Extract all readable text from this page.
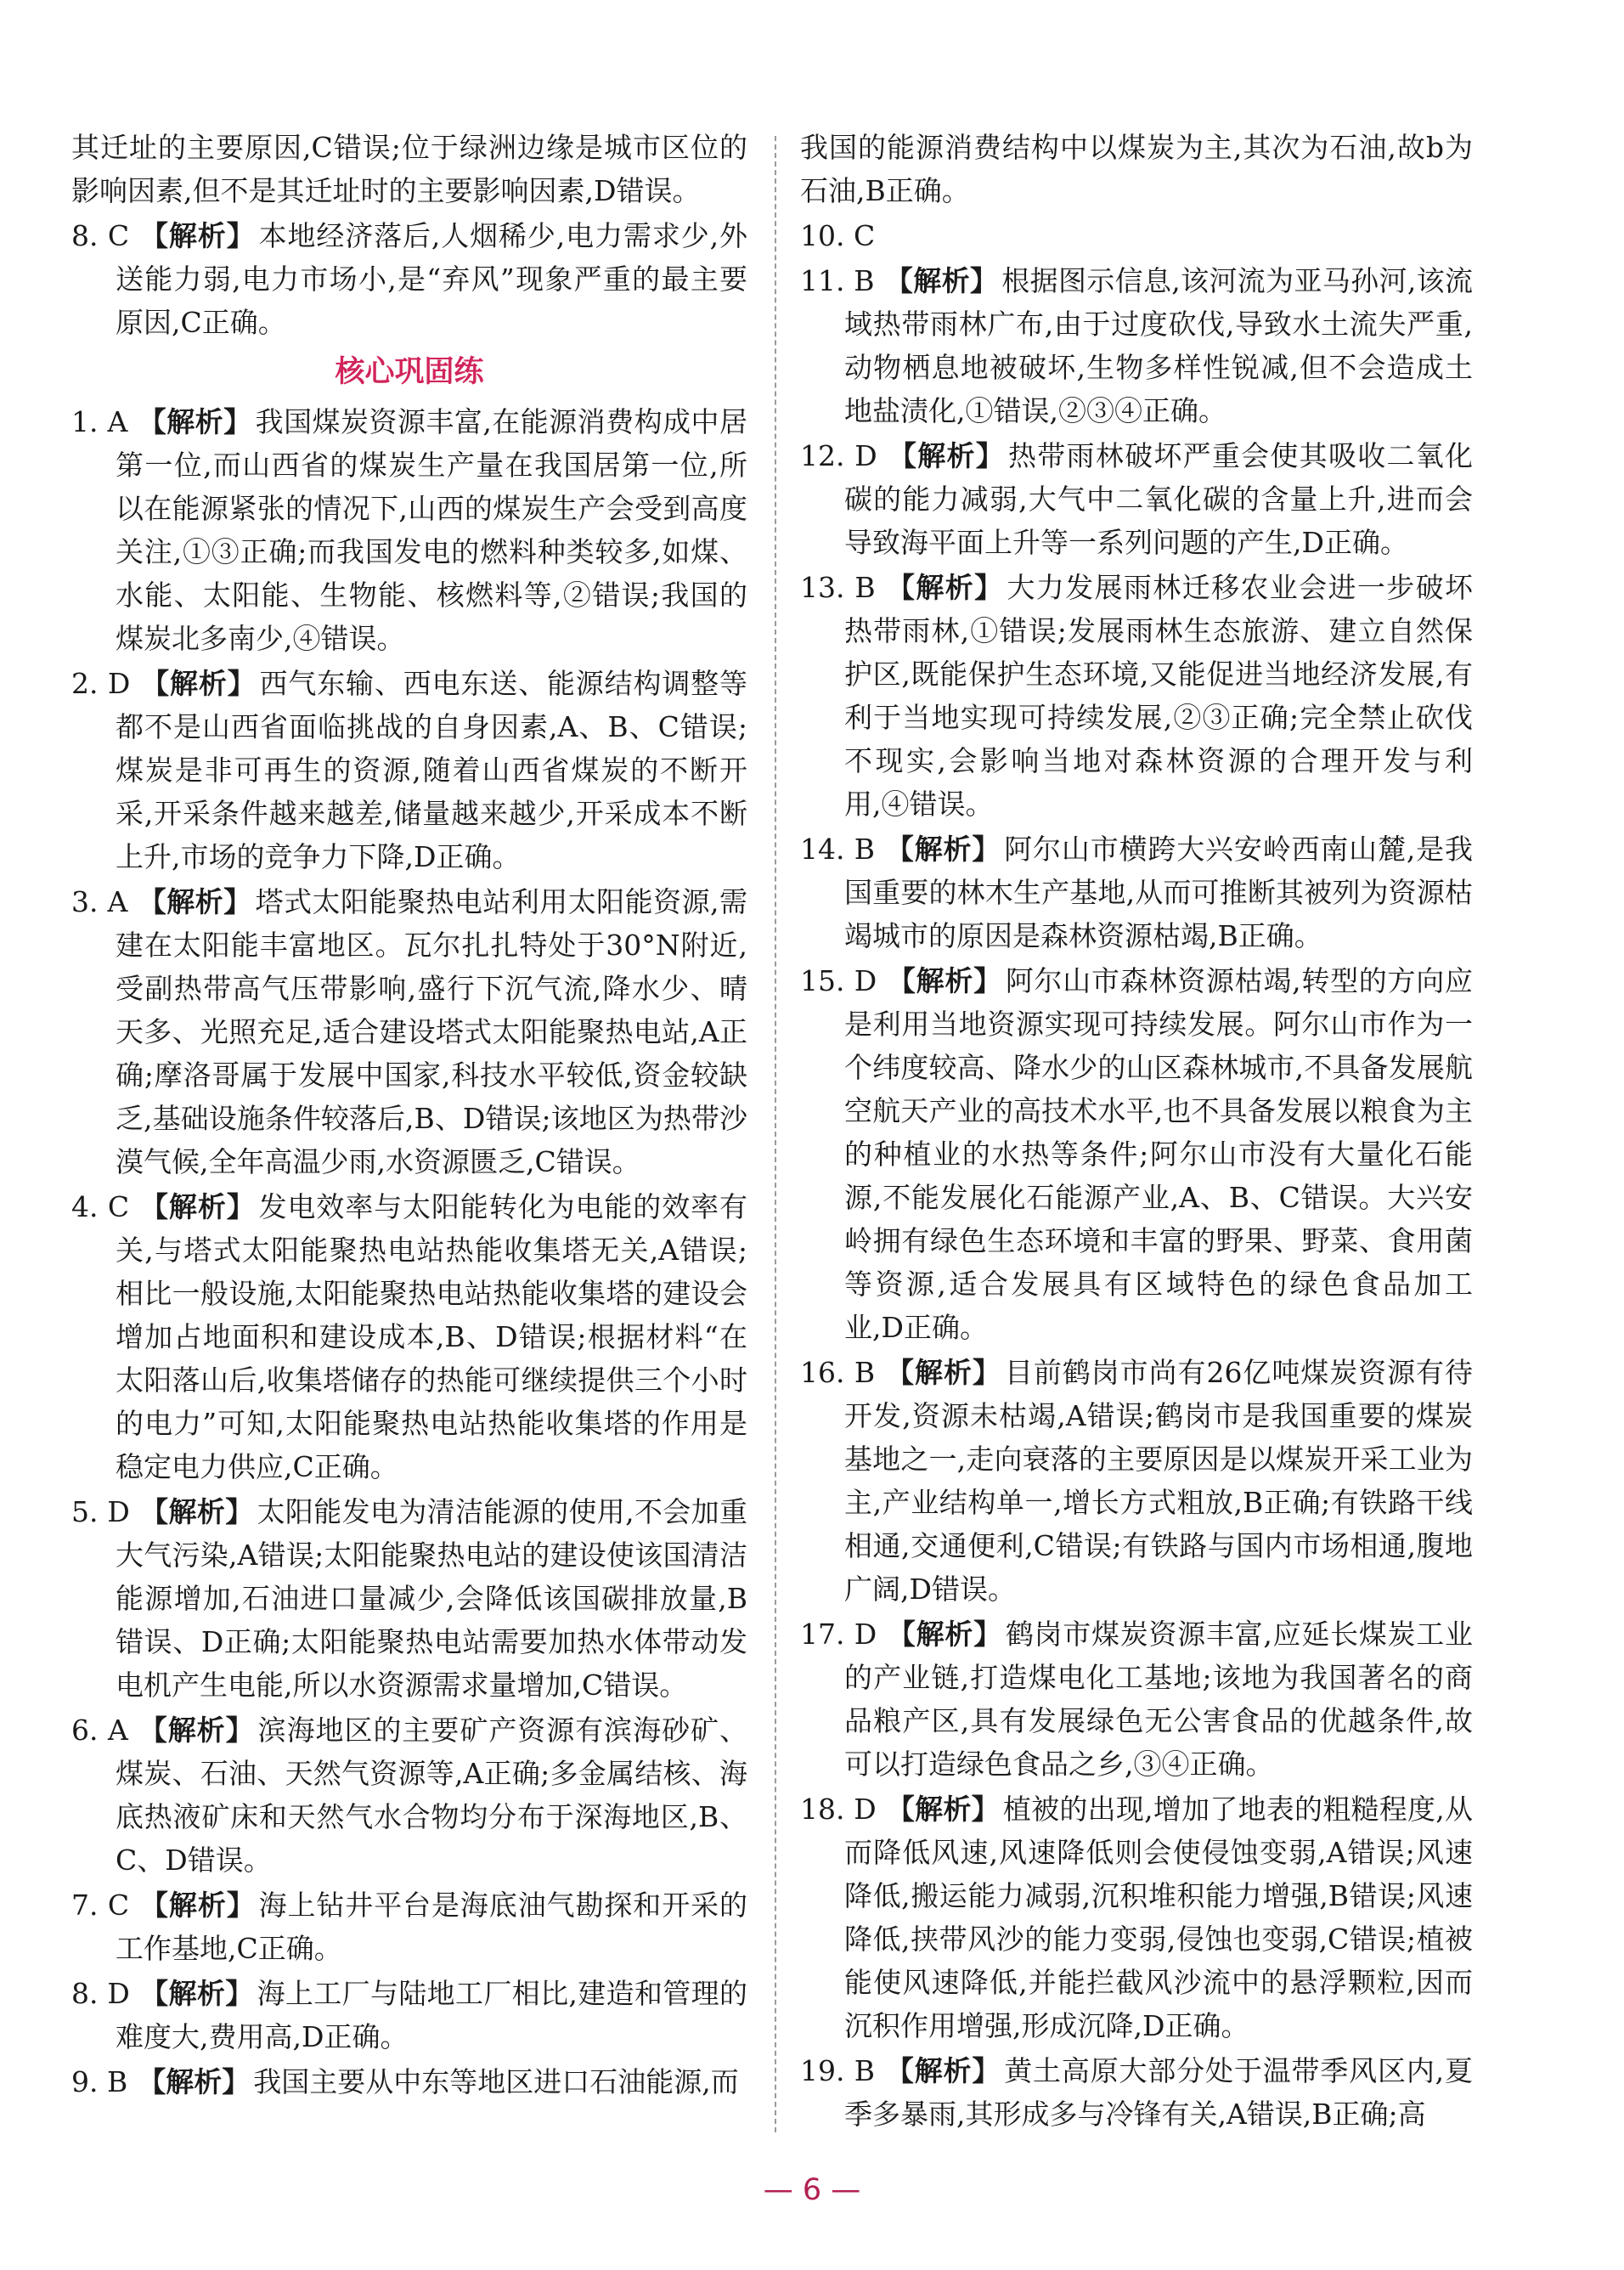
其迁址的主要原因,C错误;位于绿洲边缘是城市区位的影响因素,但不是其迁址时的主要影响因素,D错误。

8. C 【解析】 本地经济落后,人烟稀少,电力需求少,外送能力弱,电力市场小,是“弃风”现象严重的最主要原因,C正确。

核心巩固练

1. A 【解析】 我国煤炭资源丰富,在能源消费构成中居第一位,而山西省的煤炭生产量在我国居第一位,所以在能源紧张的情况下,山西的煤炭生产会受到高度关注,①③正确;而我国发电的燃料种类较多,如煤、水能、太阳能、生物能、核燃料等,②错误;我国的煤炭北多南少,④错误。

2. D 【解析】 西气东输、西电东送、能源结构调整等都不是山西省面临挑战的自身因素,A、B、C错误;煤炭是非可再生的资源,随着山西省煤炭的不断开采,开采条件越来越差,储量越来越少,开采成本不断上升,市场的竞争力下降,D正确。

3. A 【解析】 塔式太阳能聚热电站利用太阳能资源,需建在太阳能丰富地区。瓦尔扎扎特处于30°N附近,受副热带高气压带影响,盛行下沉气流,降水少、晴天多、光照充足,适合建设塔式太阳能聚热电站,A正确;摩洛哥属于发展中国家,科技水平较低,资金较缺乏,基础设施条件较落后,B、D错误;该地区为热带沙漠气候,全年高温少雨,水资源匮乏,C错误。

4. C 【解析】 发电效率与太阳能转化为电能的效率有关,与塔式太阳能聚热电站热能收集塔无关,A错误;相比一般设施,太阳能聚热电站热能收集塔的建设会增加占地面积和建设成本,B、D错误;根据材料“在太阳落山后,收集塔储存的热能可继续提供三个小时的电力”可知,太阳能聚热电站热能收集塔的作用是稳定电力供应,C正确。

5. D 【解析】 太阳能发电为清洁能源的使用,不会加重大气污染,A错误;太阳能聚热电站的建设使该国清洁能源增加,石油进口量减少,会降低该国碳排放量,B错误、D正确;太阳能聚热电站需要加热水体带动发电机产生电能,所以水资源需求量增加,C错误。

6. A 【解析】 滨海地区的主要矿产资源有滨海砂矿、煤炭、石油、天然气资源等,A正确;多金属结核、海底热液矿床和天然气水合物均分布于深海地区,B、C、D错误。

7. C 【解析】 海上钻井平台是海底油气勘探和开采的工作基地,C正确。

8. D 【解析】 海上工厂与陆地工厂相比,建造和管理的难度大,费用高,D正确。

9. B 【解析】 我国主要从中东等地区进口石油能源,而

我国的能源消费结构中以煤炭为主,其次为石油,故b为石油,B正确。

10. C

11. B 【解析】 根据图示信息,该河流为亚马孙河,该流域热带雨林广布,由于过度砍伐,导致水土流失严重,动物栖息地被破坏,生物多样性锐减,但不会造成土地盐渍化,①错误,②③④正确。

12. D 【解析】 热带雨林破坏严重会使其吸收二氧化碳的能力减弱,大气中二氧化碳的含量上升,进而会导致海平面上升等一系列问题的产生,D正确。

13. B 【解析】 大力发展雨林迁移农业会进一步破坏热带雨林,①错误;发展雨林生态旅游、建立自然保护区,既能保护生态环境,又能促进当地经济发展,有利于当地实现可持续发展,②③正确;完全禁止砍伐不现实,会影响当地对森林资源的合理开发与利用,④错误。

14. B 【解析】 阿尔山市横跨大兴安岭西南山麓,是我国重要的林木生产基地,从而可推断其被列为资源枯竭城市的原因是森林资源枯竭,B正确。

15. D 【解析】 阿尔山市森林资源枯竭,转型的方向应是利用当地资源实现可持续发展。阿尔山市作为一个纬度较高、降水少的山区森林城市,不具备发展航空航天产业的高技术水平,也不具备发展以粮食为主的种植业的水热等条件;阿尔山市没有大量化石能源,不能发展化石能源产业,A、B、C错误。大兴安岭拥有绿色生态环境和丰富的野果、野菜、食用菌等资源,适合发展具有区域特色的绿色食品加工业,D正确。

16. B 【解析】 目前鹤岗市尚有26亿吨煤炭资源有待开发,资源未枯竭,A错误;鹤岗市是我国重要的煤炭基地之一,走向衰落的主要原因是以煤炭开采工业为主,产业结构单一,增长方式粗放,B正确;有铁路干线相通,交通便利,C错误;有铁路与国内市场相通,腹地广阔,D错误。

17. D 【解析】 鹤岗市煤炭资源丰富,应延长煤炭工业的产业链,打造煤电化工基地;该地为我国著名的商品粮产区,具有发展绿色无公害食品的优越条件,故可以打造绿色食品之乡,③④正确。

18. D 【解析】 植被的出现,增加了地表的粗糙程度,从而降低风速,风速降低则会使侵蚀变弱,A错误;风速降低,搬运能力减弱,沉积堆积能力增强,B错误;风速降低,挟带风沙的能力变弱,侵蚀也变弱,C错误;植被能使风速降低,并能拦截风沙流中的悬浮颗粒,因而沉积作用增强,形成沉降,D正确。

19. B 【解析】 黄土高原大部分处于温带季风区内,夏季多暴雨,其形成多与冷锋有关,A错误,B正确;高

— 6 —
